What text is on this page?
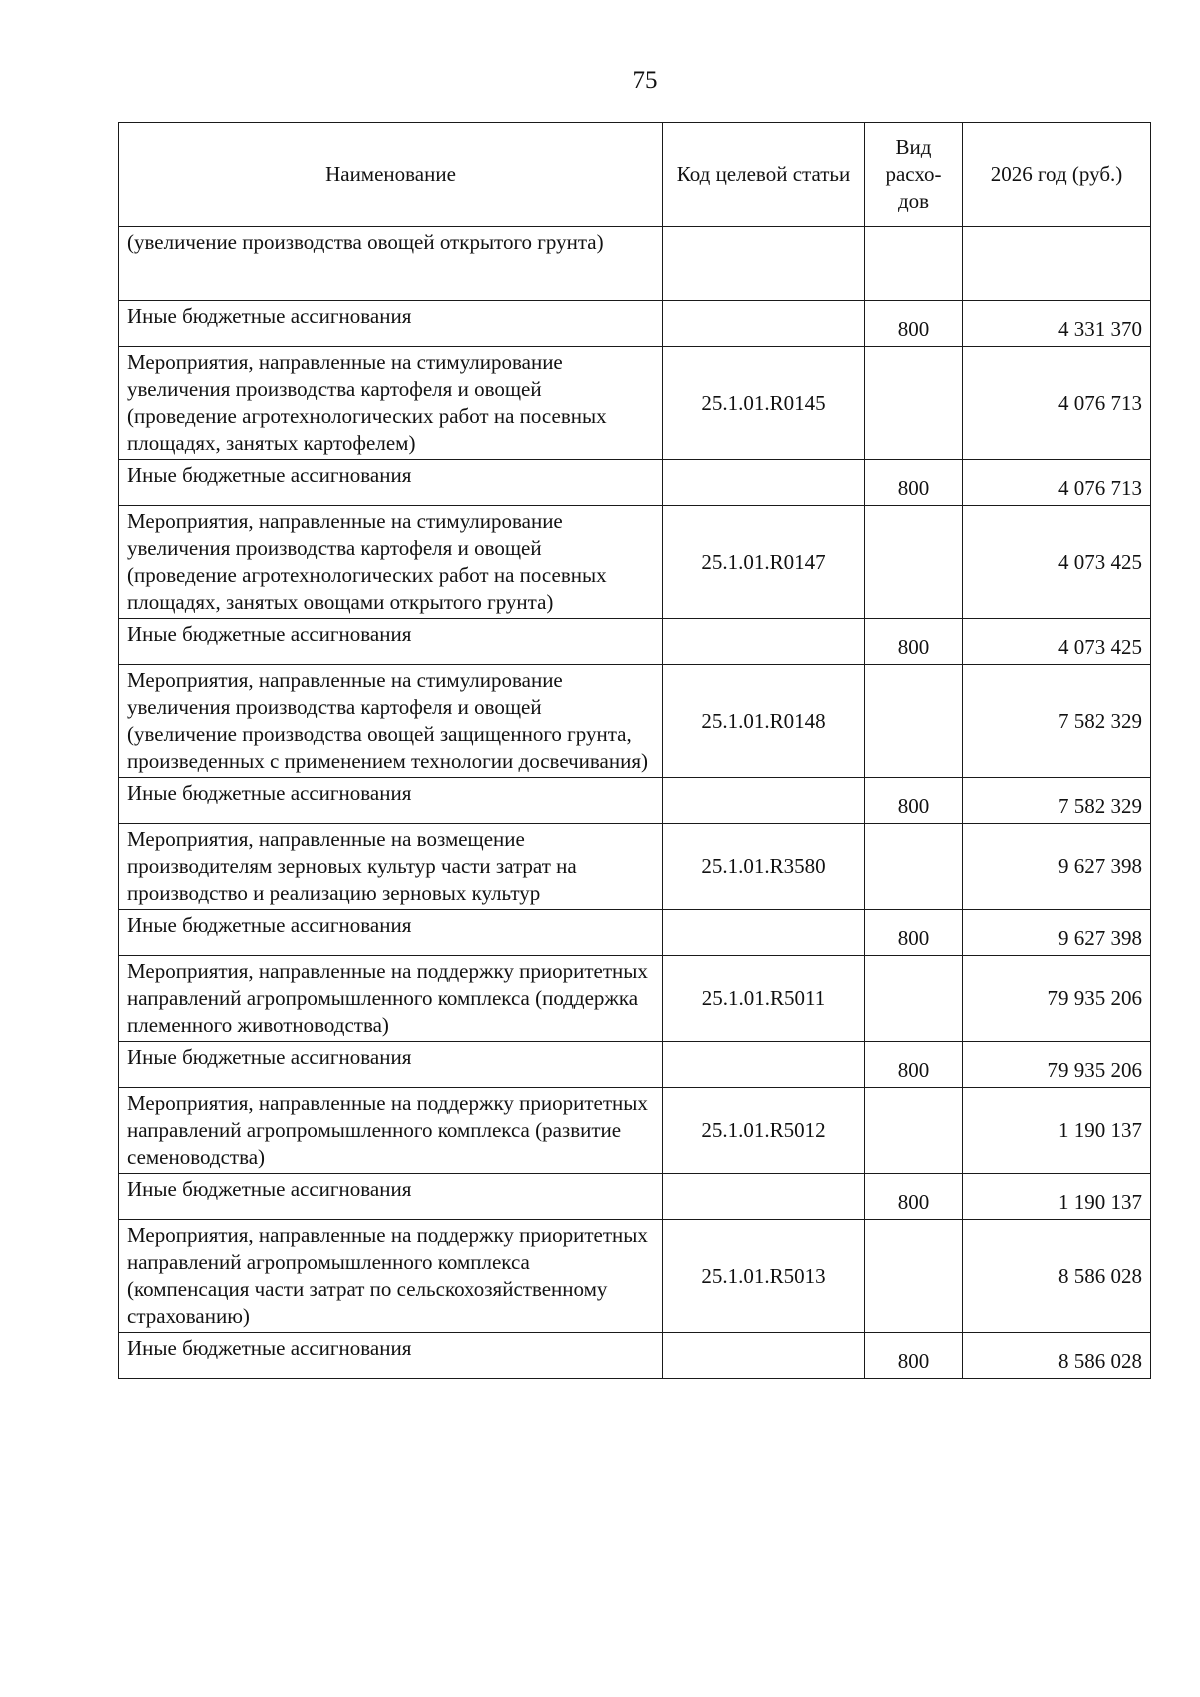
75
Наименование	Код целевой статьи	Вид расхо-дов	2026 год (руб.)
(увеличение производства овощей открытого грунта)			
Иные бюджетные ассигнования		800	4 331 370
Мероприятия, направленные на стимулирование увеличения производства картофеля и овощей (проведение агротехнологических работ на посевных площадях, занятых картофелем)	25.1.01.R0145		4 076 713
Иные бюджетные ассигнования		800	4 076 713
Мероприятия, направленные на стимулирование увеличения производства картофеля и овощей (проведение агротехнологических работ на посевных площадях, занятых овощами открытого грунта)	25.1.01.R0147		4 073 425
Иные бюджетные ассигнования		800	4 073 425
Мероприятия, направленные на стимулирование увеличения производства картофеля и овощей (увеличение производства овощей защищенного грунта, произведенных с применением технологии досвечивания)	25.1.01.R0148		7 582 329
Иные бюджетные ассигнования		800	7 582 329
Мероприятия, направленные на возмещение производителям зерновых культур части затрат на производство и реализацию зерновых культур	25.1.01.R3580		9 627 398
Иные бюджетные ассигнования		800	9 627 398
Мероприятия, направленные на поддержку приоритетных направлений агропромышленного комплекса (поддержка племенного животноводства)	25.1.01.R5011		79 935 206
Иные бюджетные ассигнования		800	79 935 206
Мероприятия, направленные на поддержку приоритетных направлений агропромышленного комплекса (развитие семеноводства)	25.1.01.R5012		1 190 137
Иные бюджетные ассигнования		800	1 190 137
Мероприятия, направленные на поддержку приоритетных направлений агропромышленного комплекса (компенсация части затрат по сельскохозяйственному страхованию)	25.1.01.R5013		8 586 028
Иные бюджетные ассигнования		800	8 586 028
